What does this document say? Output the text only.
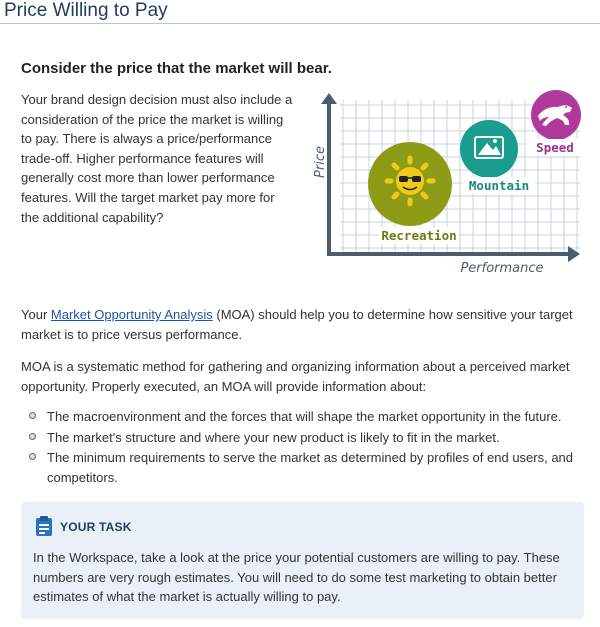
Price Willing to Pay
Consider the price that the market will bear.

Your brand design decision must also include a consideration of the price the market is willing to pay. There is always a price/performance trade-off. Higher performance features will generally cost more than lower performance features. Will the target market pay more for the additional capability?

Price
Performance
Recreation
Mountain
Speed

Your Market Opportunity Analysis (MOA) should help you to determine how sensitive your target market is to price versus performance.

MOA is a systematic method for gathering and organizing information about a perceived market opportunity. Properly executed, an MOA will provide information about:

The macroenvironment and the forces that will shape the market opportunity in the future.
The market's structure and where your new product is likely to fit in the market.
The minimum requirements to serve the market as determined by profiles of end users, and competitors.
YOUR TASK

In the Workspace, take a look at the price your potential customers are willing to pay. These numbers are very rough estimates. You will need to do some test marketing to obtain better estimates of what the market is actually willing to pay.
